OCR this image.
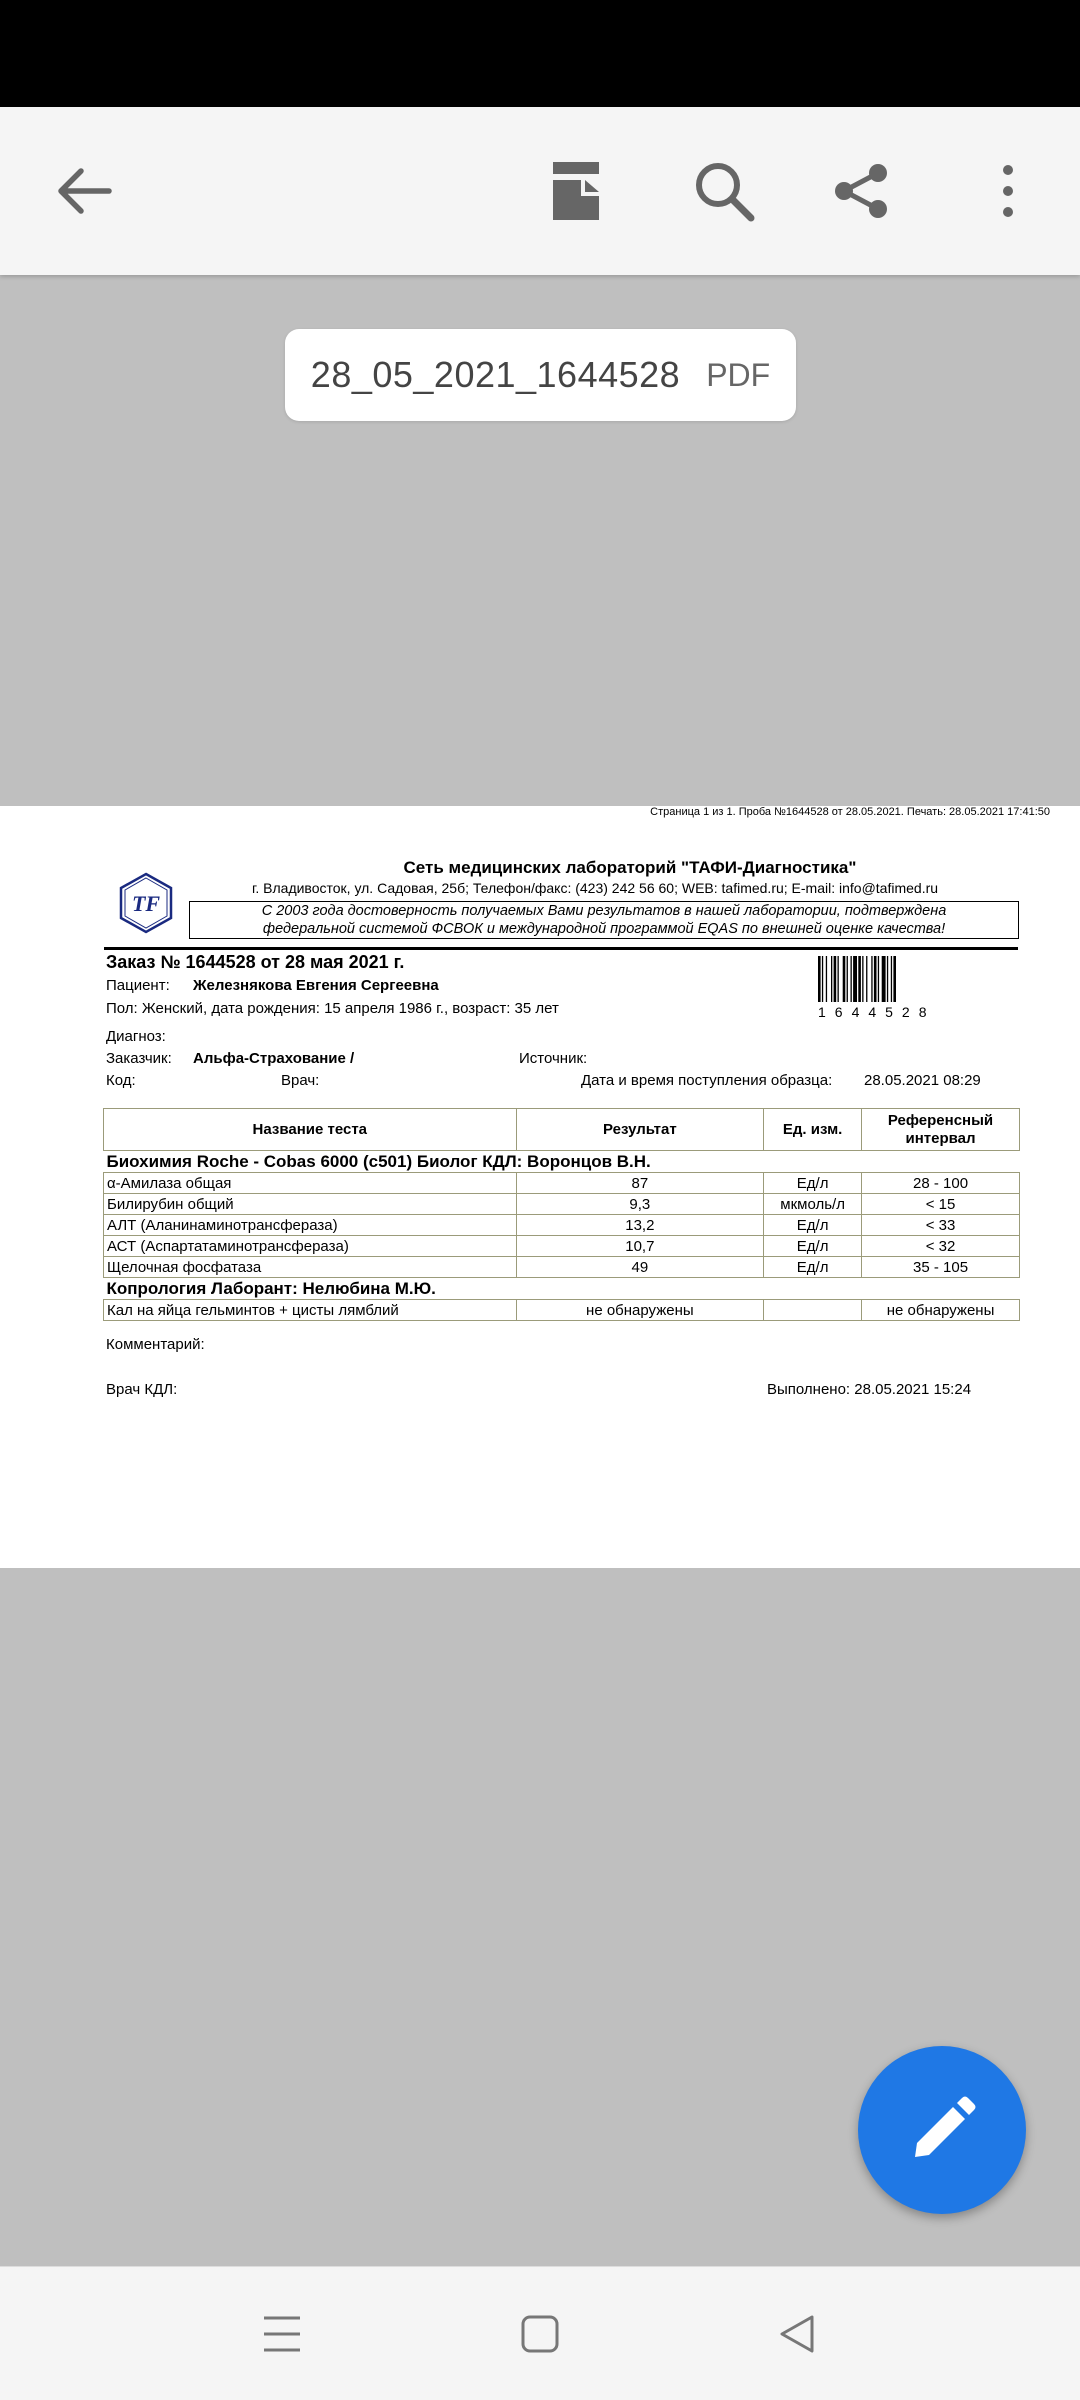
28_05_2021_1644528 PDF
Страница 1 из 1. Проба №1644528 от 28.05.2021. Печать: 28.05.2021 17:41:50
TF
Сеть медицинских лабораторий "ТАФИ-Диагностика"
г. Владивосток, ул. Садовая, 25б; Телефон/факс: (423) 242 56 60; WEB: tafimed.ru; E-mail: info@tafimed.ru
С 2003 года достоверность получаемых Вами результатов в нашей лаборатории, подтверждена
федеральной системой ФСВОК и международной программой EQAS по внешней оценке качества!
Заказ № 1644528 от 28 мая 2021 г.
1644528
Пациент: Железнякова Евгения Сергеевна
Пол: Женский, дата рождения: 15 апреля 1986 г., возраст: 35 лет
Диагноз:
Заказчик: Альфа-Страхование /	Источник:
Код:	Врач:	Дата и время поступления образца: 28.05.2021 08:29
Название теста	Результат	Ед. изм.	Референсный
интервал

Биохимия Roche - Cobas 6000 (c501) Биолог КДЛ: Воронцов В.Н.			
α-Амилаза общая	87	Ед/л	28 - 100
Билирубин общий	9,3	мкмоль/л	< 15
АЛТ (Аланинаминотрансфераза)	13,2	Ед/л	< 33
АСТ (Аспартатаминотрансфераза)	10,7	Ед/л	< 32
Щелочная фосфатаза	49	Ед/л	35 - 105
Копрология Лаборант: Нелюбина М.Ю.			
Кал на яйца гельминтов + цисты лямблий	не обнаружены		не обнаружены
Комментарий:
Врач КДЛ:	Выполнено: 28.05.2021 15:24
